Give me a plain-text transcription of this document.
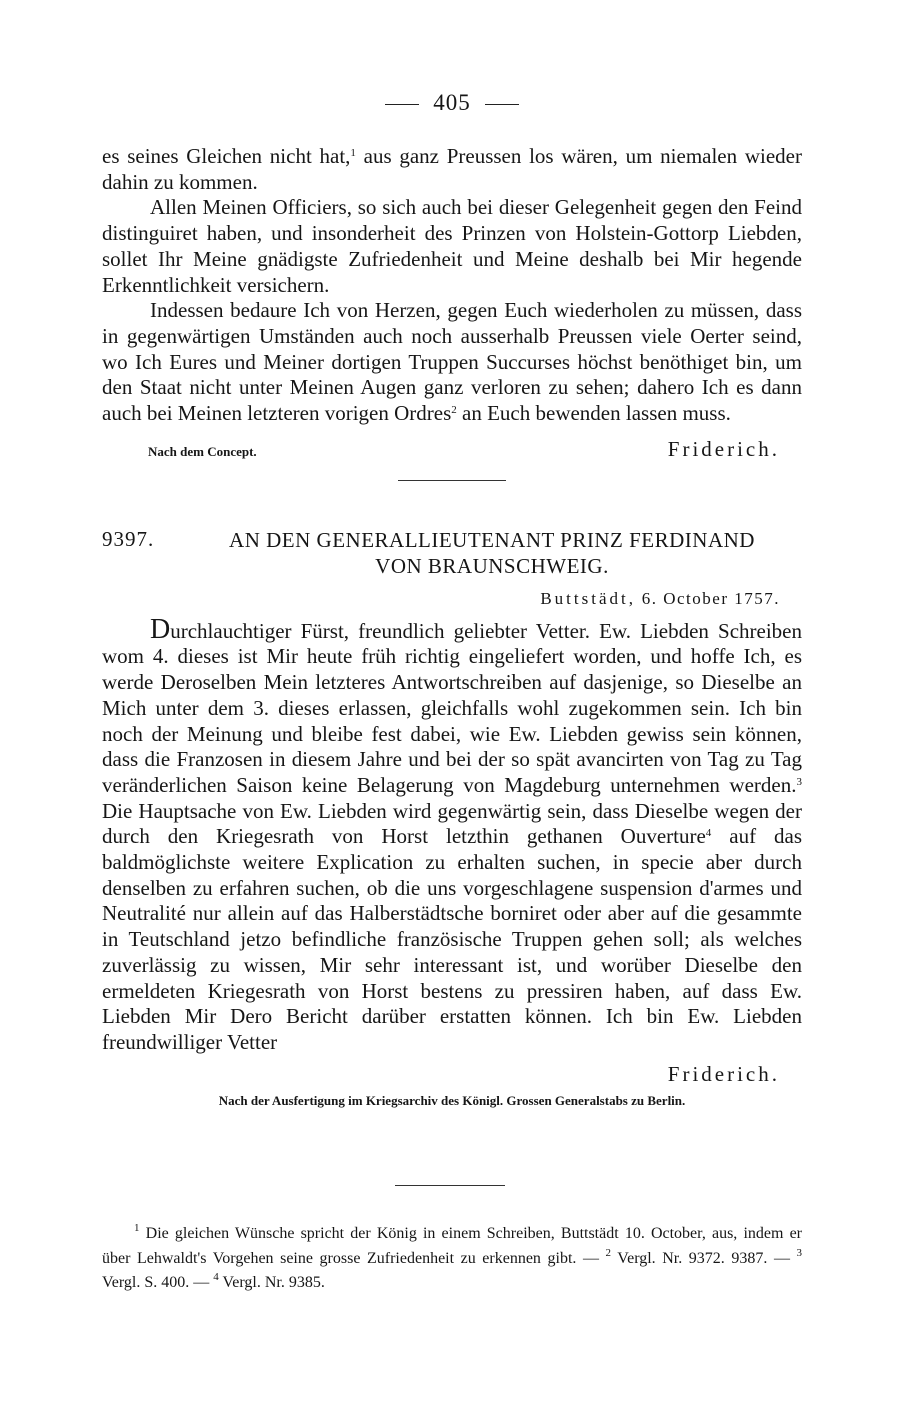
405

es seines Gleichen nicht hat,$^1$ aus ganz Preussen los wären, um niemalen wieder dahin zu kommen.

Allen Meinen Officiers, so sich auch bei dieser Gelegenheit gegen den Feind distinguiret haben, und insonderheit des Prinzen von Holstein-Gottorp Liebden, sollet Ihr Meine gnädigste Zufriedenheit und Meine deshalb bei Mir hegende Erkenntlichkeit versichern.

Indessen bedaure Ich von Herzen, gegen Euch wiederholen zu müssen, dass in gegenwärtigen Umständen auch noch ausserhalb Preussen viele Oerter seind, wo Ich Eures und Meiner dortigen Truppen Succurses höchst benöthiget bin, um den Staat nicht unter Meinen Augen ganz verloren zu sehen; dahero Ich es dann auch bei Meinen letzteren vorigen Ordres$^2$ an Euch bewenden lassen muss.

Nach dem Concept.	Friderich.
9397.	AN DEN GENERALLIEUTENANT PRINZ FERDINAND
VON BRAUNSCHWEIG.
Buttstädt, 6. October 1757.

Durchlauchtiger Fürst, freundlich geliebter Vetter. Ew. Liebden Schreiben wom 4. dieses ist Mir heute früh richtig eingeliefert worden, und hoffe Ich, es werde Deroselben Mein letzteres Antwortschreiben auf dasjenige, so Dieselbe an Mich unter dem 3. dieses erlassen, gleichfalls wohl zugekommen sein. Ich bin noch der Meinung und bleibe fest dabei, wie Ew. Liebden gewiss sein können, dass die Franzosen in diesem Jahre und bei der so spät avancirten von Tag zu Tag veränderlichen Saison keine Belagerung von Magdeburg unternehmen werden.$^3$ Die Hauptsache von Ew. Liebden wird gegenwärtig sein, dass Dieselbe wegen der durch den Kriegesrath von Horst letzthin gethanen Ouverture$^4$ auf das baldmöglichste weitere Explication zu erhalten suchen, in specie aber durch denselben zu erfahren suchen, ob die uns vorgeschlagene suspension d'armes und Neutralité nur allein auf das Halberstädtsche borniret oder aber auf die gesammte in Teutschland jetzo befindliche französische Truppen gehen soll; als welches zuverlässig zu wissen, Mir sehr interessant ist, und worüber Dieselbe den ermeldeten Kriegesrath von Horst bestens zu pressiren haben, auf dass Ew. Liebden Mir Dero Bericht darüber erstatten können. Ich bin Ew. Liebden freundwilliger Vetter

Friderich.
Nach der Ausfertigung im Kriegsarchiv des Königl. Grossen Generalstabs zu Berlin.

$^1$ Die gleichen Wünsche spricht der König in einem Schreiben, Buttstädt 10. October, aus, indem er über Lehwaldt's Vorgehen seine grosse Zufriedenheit zu erkennen gibt. — $^2$ Vergl. Nr. 9372. 9387. — $^3$ Vergl. S. 400. — $^4$ Vergl. Nr. 9385.
